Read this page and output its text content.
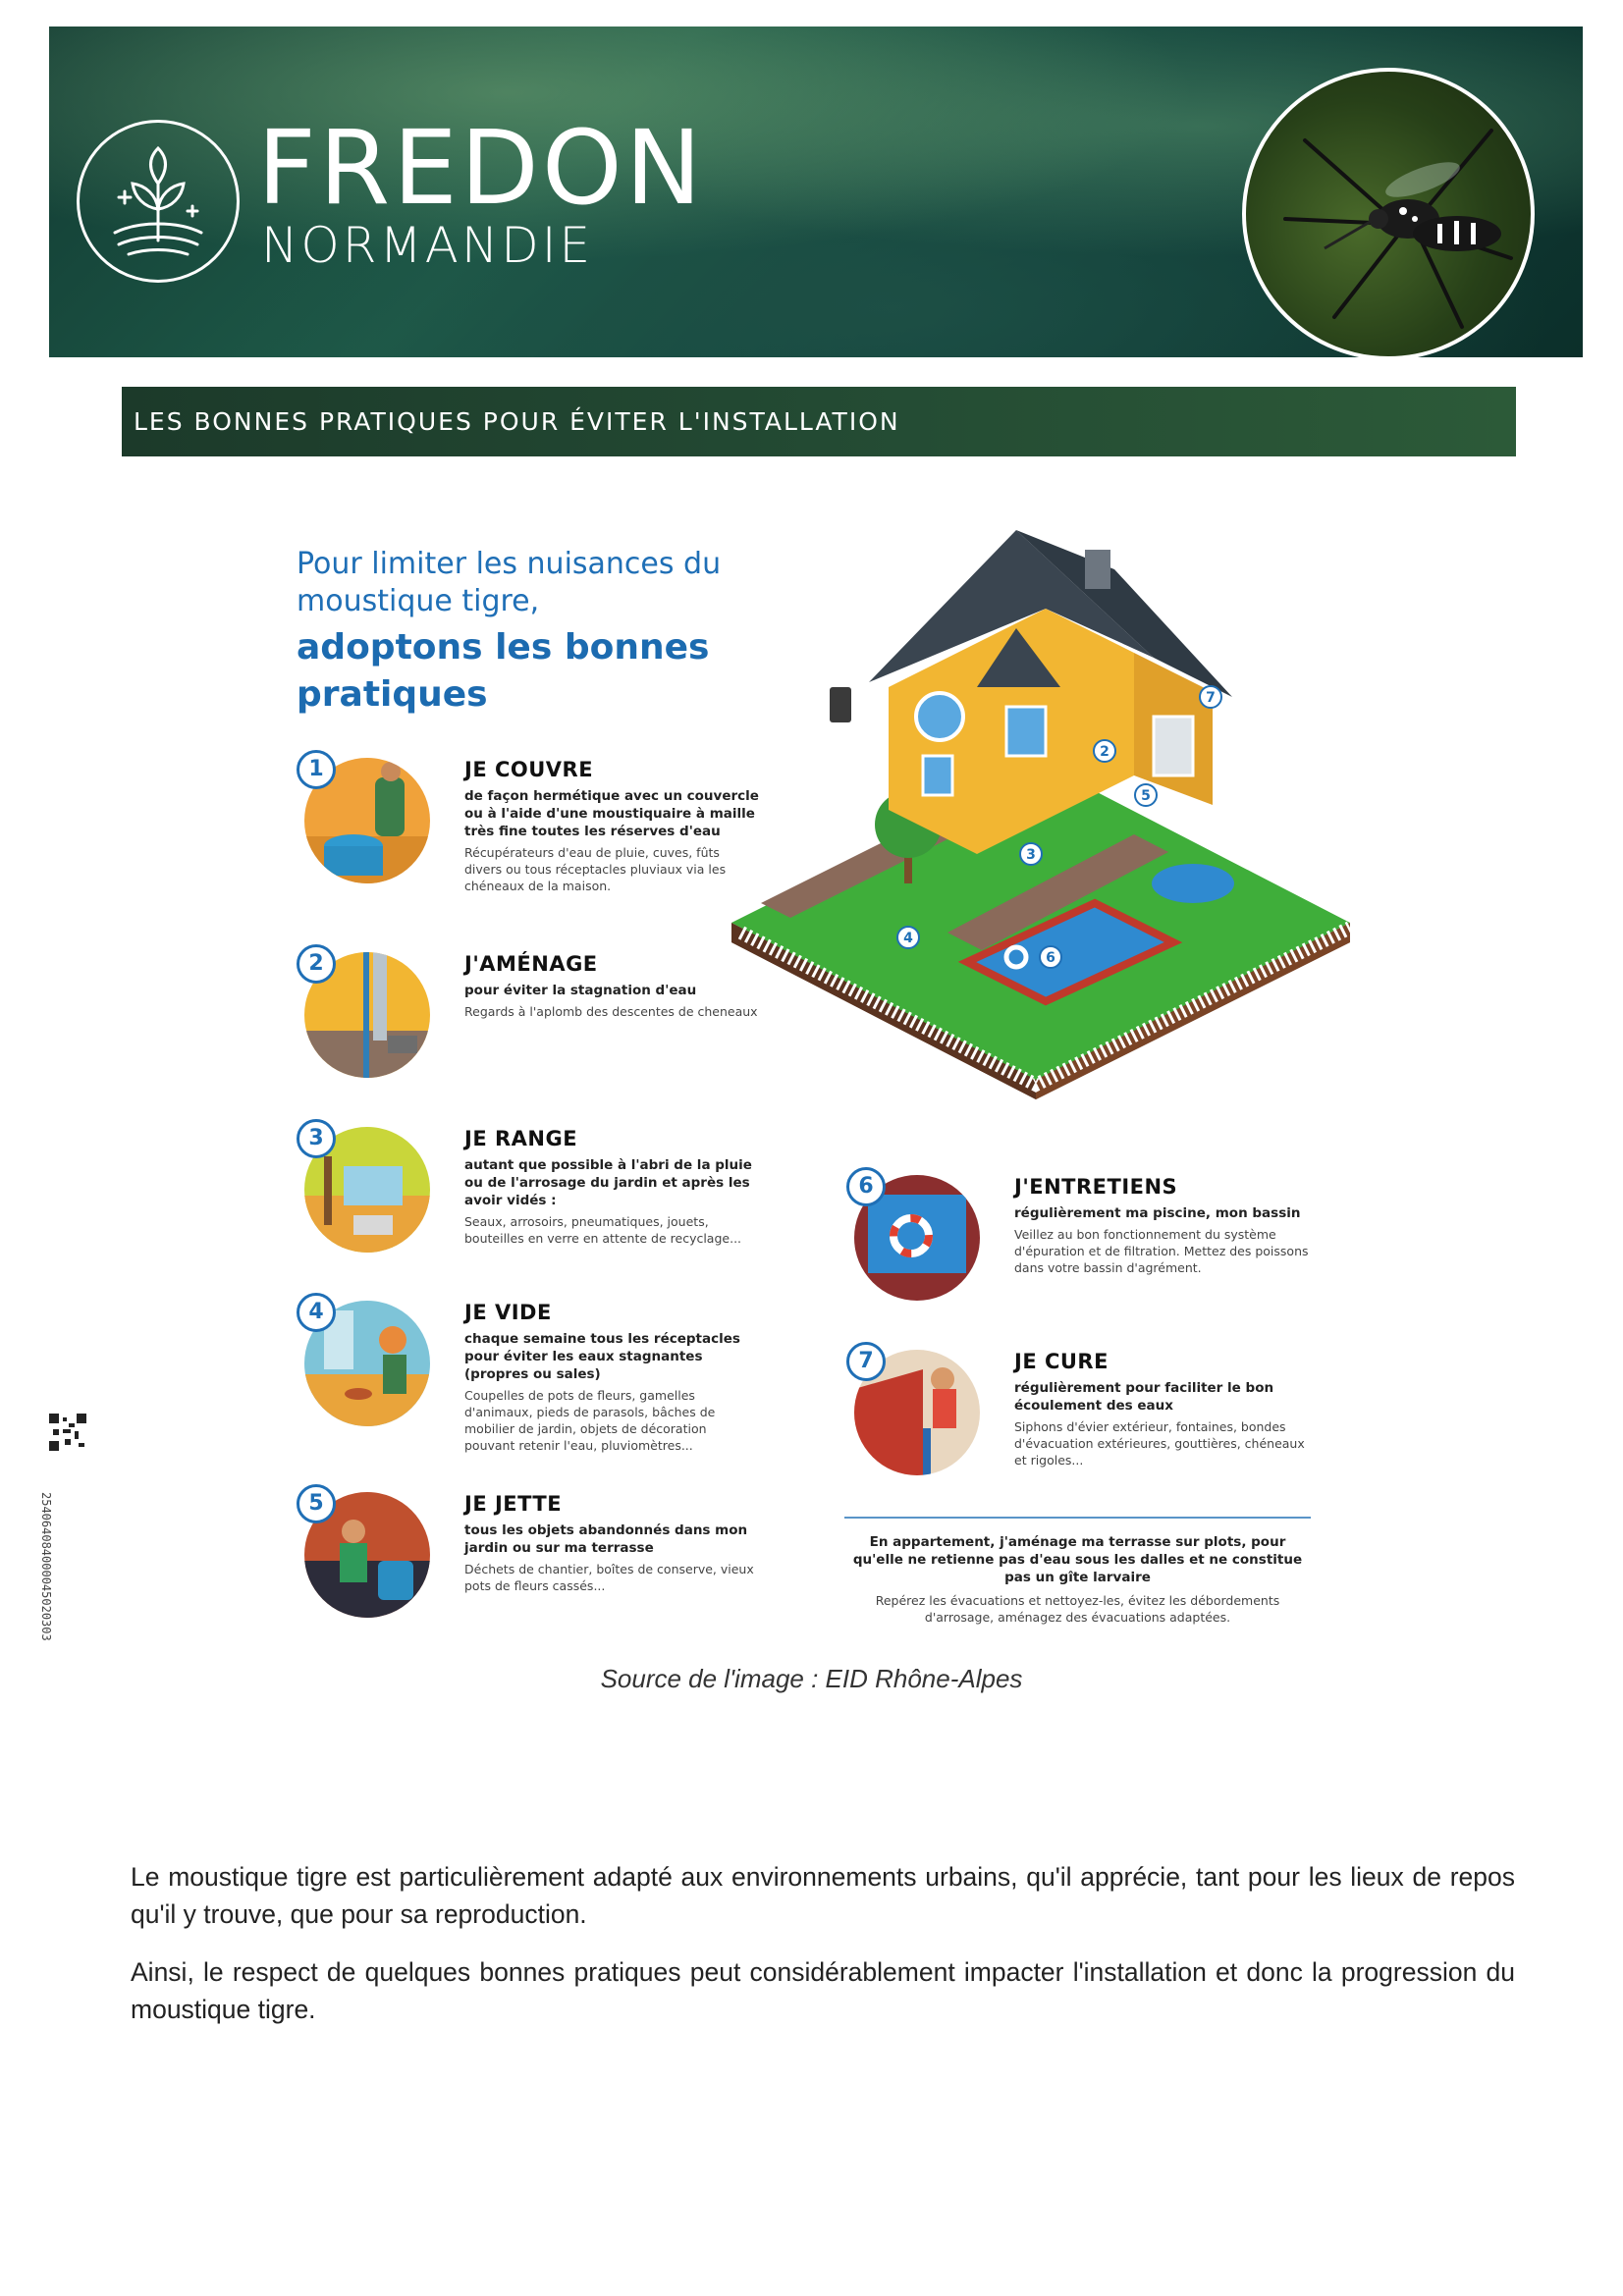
FREDON

NORMANDIE

LES BONNES PRATIQUES POUR ÉVITER L'INSTALLATION
Pour limiter les nuisances du moustique tigre,
adoptons les bonnes pratiques
1	JE COUVRE

de façon hermétique avec un couvercle ou à l'aide d'une moustiquaire à maille très fine toutes les réserves d'eau

Récupérateurs d'eau de pluie, cuves, fûts divers ou tous réceptacles pluviaux via les chéneaux de la maison.

2	J'AMÉNAGE

pour éviter la stagnation d'eau

Regards à l'aplomb des descentes de cheneaux

3	JE RANGE

autant que possible à l'abri de la pluie ou de l'arrosage du jardin et après les avoir vidés :

Seaux, arrosoirs, pneumatiques, jouets, bouteilles en verre en attente de recyclage...

4	JE VIDE

chaque semaine tous les réceptacles pour éviter les eaux stagnantes (propres ou sales)

Coupelles de pots de fleurs, gamelles d'animaux, pieds de parasols, bâches de mobilier de jardin, objets de décoration pouvant retenir l'eau, pluviomètres...

5	JE JETTE

tous les objets abandonnés dans mon jardin ou sur ma terrasse

Déchets de chantier, boîtes de conserve, vieux pots de fleurs cassés...

6	J'ENTRETIENS

régulièrement ma piscine, mon bassin

Veillez au bon fonctionnement du système d'épuration et de filtration. Mettez des poissons dans votre bassin d'agrément.

7	JE CURE

régulièrement pour faciliter le bon écoulement des eaux

Siphons d'évier extérieur, fontaines, bondes d'évacuation extérieures, gouttières, chéneaux et rigoles...

7
2
5
3
4
6

En appartement, j'aménage ma terrasse sur plots, pour qu'elle ne retienne pas d'eau sous les dalles et ne constitue pas un gîte larvaire

Repérez les évacuations et nettoyez-les, évitez les débordements d'arrosage, aménagez des évacuations adaptées.

Source de l'image : EID Rhône-Alpes

Le moustique tigre est particulièrement adapté aux environnements urbains, qu'il apprécie, tant pour les lieux de repos qu'il y trouve, que pour sa reproduction.

Ainsi, le respect de quelques bonnes pratiques peut considérablement impacter l'installation et donc la progression du moustique tigre.

254064084000045020303
